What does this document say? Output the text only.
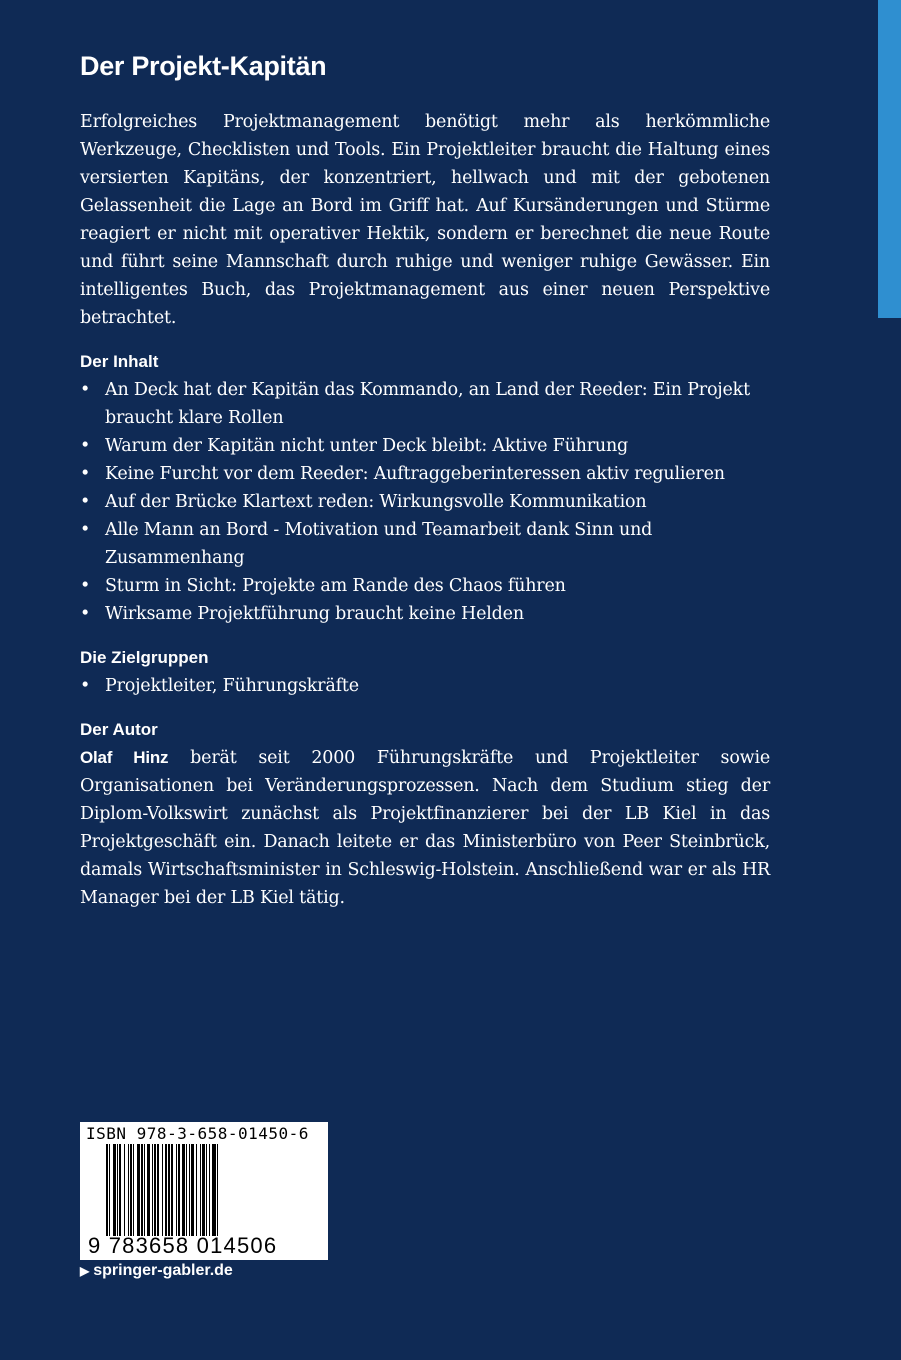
Der Projekt-Kapitän

Erfolgreiches Projektmanagement benötigt mehr als herkömmliche Werkzeuge, Checklisten und Tools. Ein Projektleiter braucht die Haltung eines versierten Kapitäns, der konzentriert, hellwach und mit der gebotenen Gelassenheit die Lage an Bord im Griff hat. Auf Kursänderungen und Stürme reagiert er nicht mit operativer Hektik, sondern er berechnet die neue Route und führt seine Mannschaft durch ruhige und weniger ruhige Gewässer. Ein intelligentes Buch, das Projektmanagement aus einer neuen Perspektive betrachtet.

Der Inhalt
• An Deck hat der Kapitän das Kommando, an Land der Reeder: Ein Projekt braucht klare Rollen
• Warum der Kapitän nicht unter Deck bleibt: Aktive Führung
• Keine Furcht vor dem Reeder: Auftraggeberinteressen aktiv regulieren
• Auf der Brücke Klartext reden: Wirkungsvolle Kommunikation
• Alle Mann an Bord - Motivation und Teamarbeit dank Sinn und Zusammenhang
• Sturm in Sicht: Projekte am Rande des Chaos führen
• Wirksame Projektführung braucht keine Helden
Die Zielgruppen
• Projektleiter, Führungskräfte
Der Autor

Olaf Hinz berät seit 2000 Führungskräfte und Projektleiter sowie Organisationen bei Veränderungsprozessen. Nach dem Studium stieg der Diplom-Volkswirt zunächst als Projektfinanzierer bei der LB Kiel in das Projektgeschäft ein. Danach leitete er das Ministerbüro von Peer Steinbrück, damals Wirtschaftsminister in Schleswig-Holstein. Anschließend war er als HR Manager bei der LB Kiel tätig.

ISBN 978-3-658-01450-6
9 783658 014506
▶ springer-gabler.de
